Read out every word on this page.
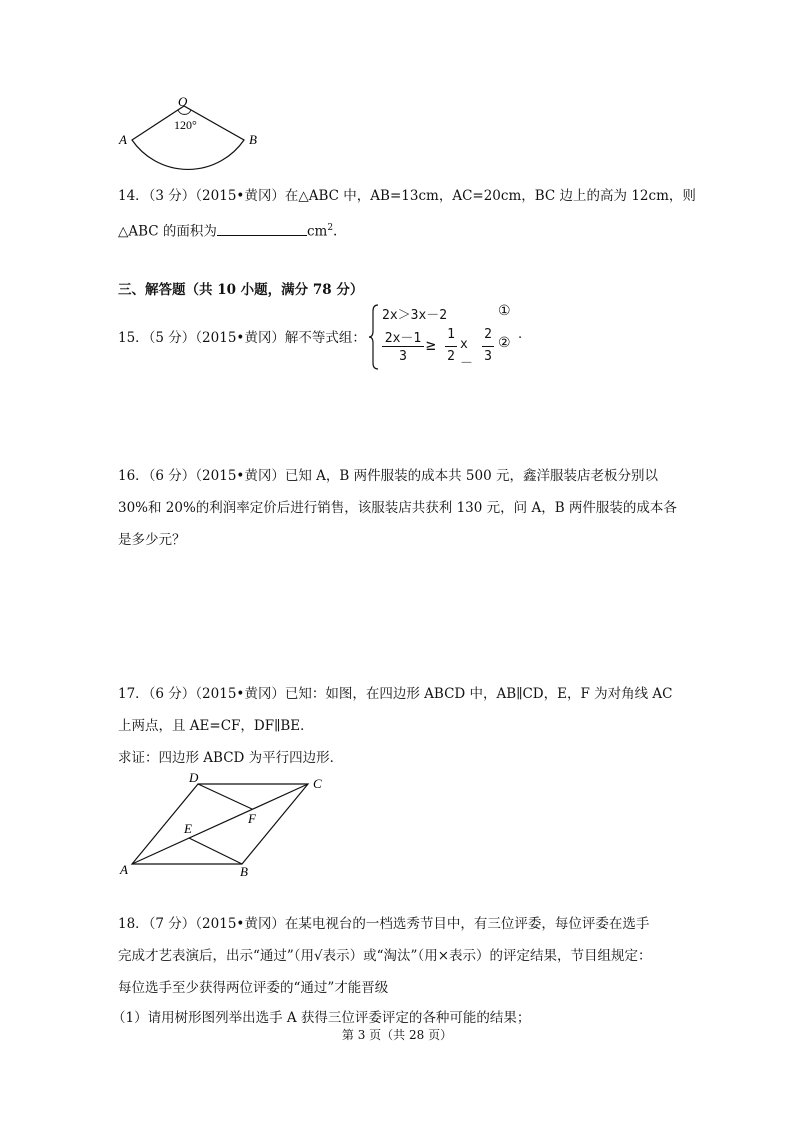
O
120°
A	B
14．（3 分）（2015•黄冈）在△ABC 中，AB=13cm，AC=20cm，BC 边上的高为 12cm，则
△ABC 的面积为	$cm^2$.
三、解答题（共 10 小题，满分 78 分）
15．（5 分）（2015•黄冈）解不等式组：
2x＞3x－2	①
2x－1
3
≥
1
2
x－
2
3
②
.
16．（6 分）（2015•黄冈）已知 A，B 两件服装的成本共 500 元，鑫洋服装店老板分别以
30%和 20%的利润率定价后进行销售，该服装店共获利 130 元，问 A，B 两件服装的成本各
是多少元？
17．（6 分）（2015•黄冈）已知：如图，在四边形 ABCD 中，AB∥CD，E，F 为对角线 AC
上两点，且 AE=CF，DF∥BE．
求证：四边形 ABCD 为平行四边形．
A	B
C
D
E
F
18．（7 分）（2015•黄冈）在某电视台的一档选秀节目中，有三位评委，每位评委在选手
完成才艺表演后，出示“通过”（用√表示）或“淘汰”（用×表示）的评定结果，节目组规定：
每位选手至少获得两位评委的“通过”才能晋级
（1）请用树形图列举出选手 A 获得三位评委评定的各种可能的结果；
第 3 页（共 28 页）
